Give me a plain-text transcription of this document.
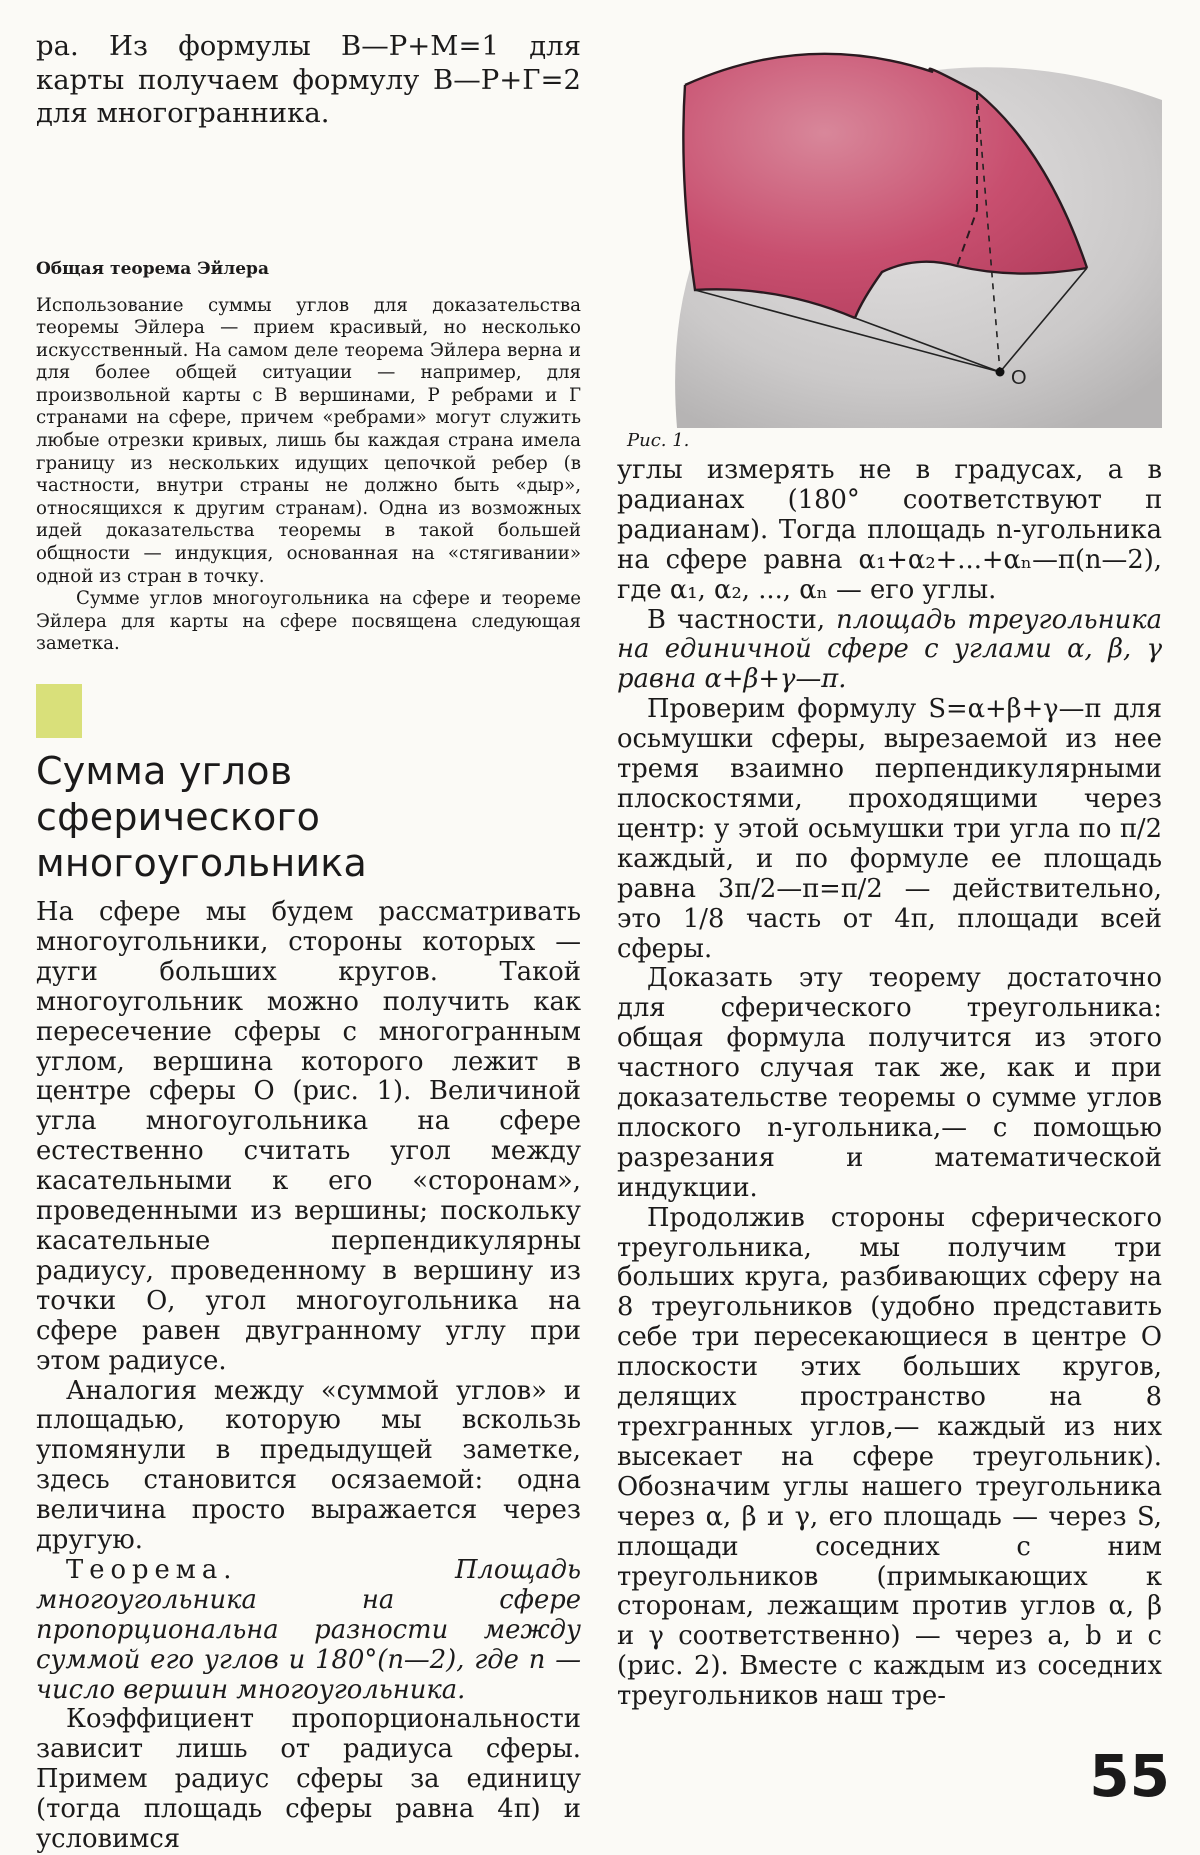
ра. Из формулы В—Р+М=1 для карты получаем формулу В—Р+Г=2 для многогранника.

Общая теорема Эйлера

Использование суммы углов для доказательства теоремы Эйлера — прием красивый, но несколько искусственный. На самом деле теорема Эйлера верна и для более общей ситуации — например, для произвольной карты с В вершинами, Р ребрами и Г странами на сфере, причем «ребрами» могут служить любые отрезки кривых, лишь бы каждая страна имела границу из нескольких идущих цепочкой ребер (в частности, внутри страны не должно быть «дыр», относящихся к другим странам). Одна из возможных идей доказательства теоремы в такой большей общности — индукция, основанная на «стягивании» одной из стран в точку.

Сумме углов многоугольника на сфере и теореме Эйлера для карты на сфере посвящена следующая заметка.

Сумма углов сферического многоугольника

На сфере мы будем рассматривать многоугольники, стороны которых — дуги больших кругов. Такой многоугольник можно получить как пересечение сферы с многогранным углом, вершина которого лежит в центре сферы О (рис. 1). Величиной угла многоугольника на сфере естественно считать угол между касательными к его «сторонам», проведенными из вершины; поскольку касательные перпендикулярны радиусу, проведенному в вершину из точки О, угол многоугольника на сфере равен двугранному углу при этом радиусе.

Аналогия между «суммой углов» и площадью, которую мы вскользь упомянули в предыдущей заметке, здесь становится осязаемой: одна величина просто выражается через другую.

Теорема.	Площадь многоугольника на сфере пропорциональна разности между суммой его углов и 180°(n—2), где n — число вершин многоугольника.

Коэффициент пропорциональности зависит лишь от радиуса сферы. Примем радиус сферы за единицу (тогда площадь сферы равна 4π) и условимся

O
Рис. 1.

углы измерять не в градусах, а в радианах (180° соответствуют π радианам). Тогда площадь n-угольника на сфере равна α₁+α₂+...+αₙ—π(n—2), где α₁, α₂, ..., αₙ — его углы.

В частности, площадь треугольника на единичной сфере с углами α, β, γ равна α+β+γ—π.

Проверим формулу S=α+β+γ—π для осьмушки сферы, вырезаемой из нее тремя взаимно перпендикулярными плоскостями, проходящими через центр: у этой осьмушки три угла по π/2 каждый, и по формуле ее площадь равна 3π/2—π=π/2 — действительно, это 1/8 часть от 4π, площади всей сферы.

Доказать эту теорему достаточно для сферического треугольника: общая формула получится из этого частного случая так же, как и при доказательстве теоремы о сумме углов плоского n-угольника,— с помощью разрезания и математической индукции.

Продолжив стороны сферического треугольника, мы получим три больших круга, разбивающих сферу на 8 треугольников (удобно представить себе три пересекающиеся в центре О плоскости этих больших кругов, делящих пространство на 8 трехгранных углов,— каждый из них высекает на сфере треугольник). Обозначим углы нашего треугольника через α, β и γ, его площадь — через S, площади соседних с ним треугольников (примыкающих к сторонам, лежащим против углов α, β и γ соответственно) — через a, b и c (рис. 2). Вместе с каждым из соседних треугольников наш тре-

55
